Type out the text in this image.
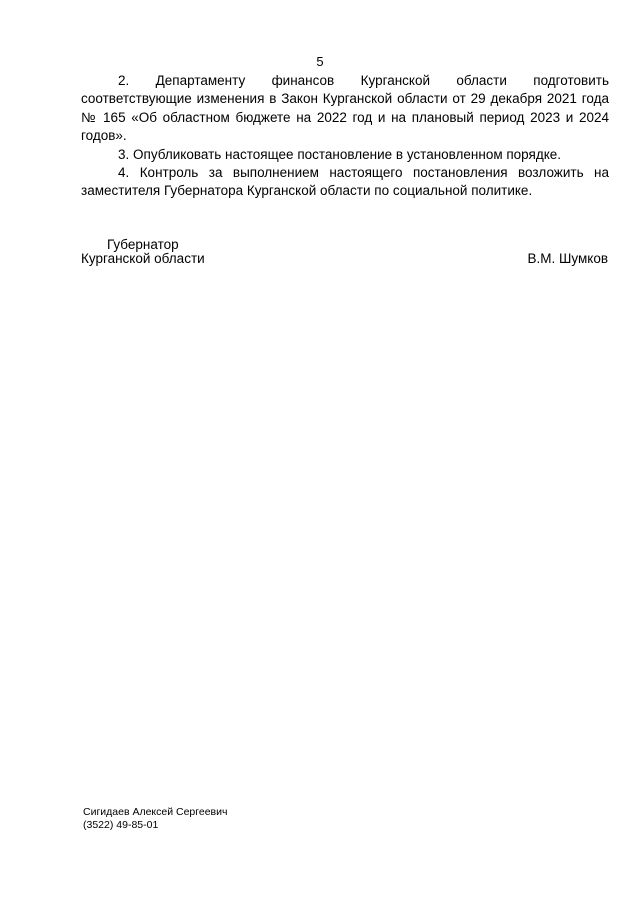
5

2. Департаменту финансов Курганской области подготовить соответствующие изменения в Закон Курганской области от 29 декабря 2021 года № 165 «Об областном бюджете на 2022 год и на плановый период 2023 и 2024 годов».

3. Опубликовать настоящее постановление в установленном порядке.

4. Контроль за выполнением настоящего постановления возложить на заместителя Губернатора Курганской области по социальной политике.

Губернатор
Курганской области	В.М. Шумков
Сигидаев Алексей Сергеевич
(3522) 49-85-01
